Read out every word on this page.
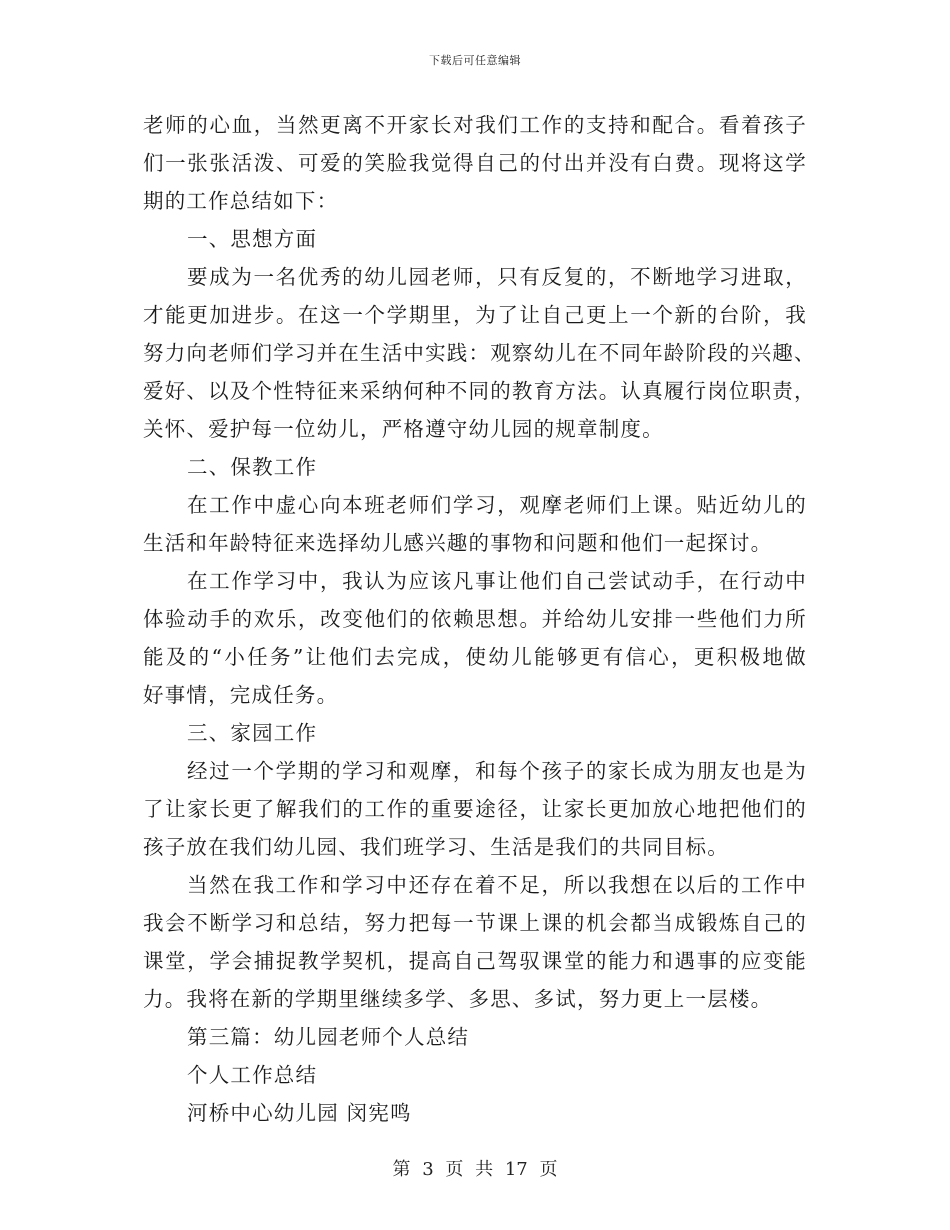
下载后可任意编辑
老师的心血，当然更离不开家长对我们工作的支持和配合。看着孩子
们一张张活泼、可爱的笑脸我觉得自己的付出并没有白费。现将这学
期的工作总结如下：
一、思想方面
要成为一名优秀的幼儿园老师，只有反复的，不断地学习进取，
才能更加进步。在这一个学期里，为了让自己更上一个新的台阶，我
努力向老师们学习并在生活中实践：观察幼儿在不同年龄阶段的兴趣、
爱好、以及个性特征来采纳何种不同的教育方法。认真履行岗位职责，
关怀、爱护每一位幼儿，严格遵守幼儿园的规章制度。
二、保教工作
在工作中虚心向本班老师们学习，观摩老师们上课。贴近幼儿的
生活和年龄特征来选择幼儿感兴趣的事物和问题和他们一起探讨。
在工作学习中，我认为应该凡事让他们自己尝试动手，在行动中
体验动手的欢乐，改变他们的依赖思想。并给幼儿安排一些他们力所
能及的“小任务”让他们去完成，使幼儿能够更有信心，更积极地做
好事情，完成任务。
三、家园工作
经过一个学期的学习和观摩，和每个孩子的家长成为朋友也是为
了让家长更了解我们的工作的重要途径，让家长更加放心地把他们的
孩子放在我们幼儿园、我们班学习、生活是我们的共同目标。
当然在我工作和学习中还存在着不足，所以我想在以后的工作中
我会不断学习和总结，努力把每一节课上课的机会都当成锻炼自己的
课堂，学会捕捉教学契机，提高自己驾驭课堂的能力和遇事的应变能
力。我将在新的学期里继续多学、多思、多试，努力更上一层楼。
第三篇：幼儿园老师个人总结
个人工作总结
河桥中心幼儿园 闵宪鸣
第 3 页 共 17 页
